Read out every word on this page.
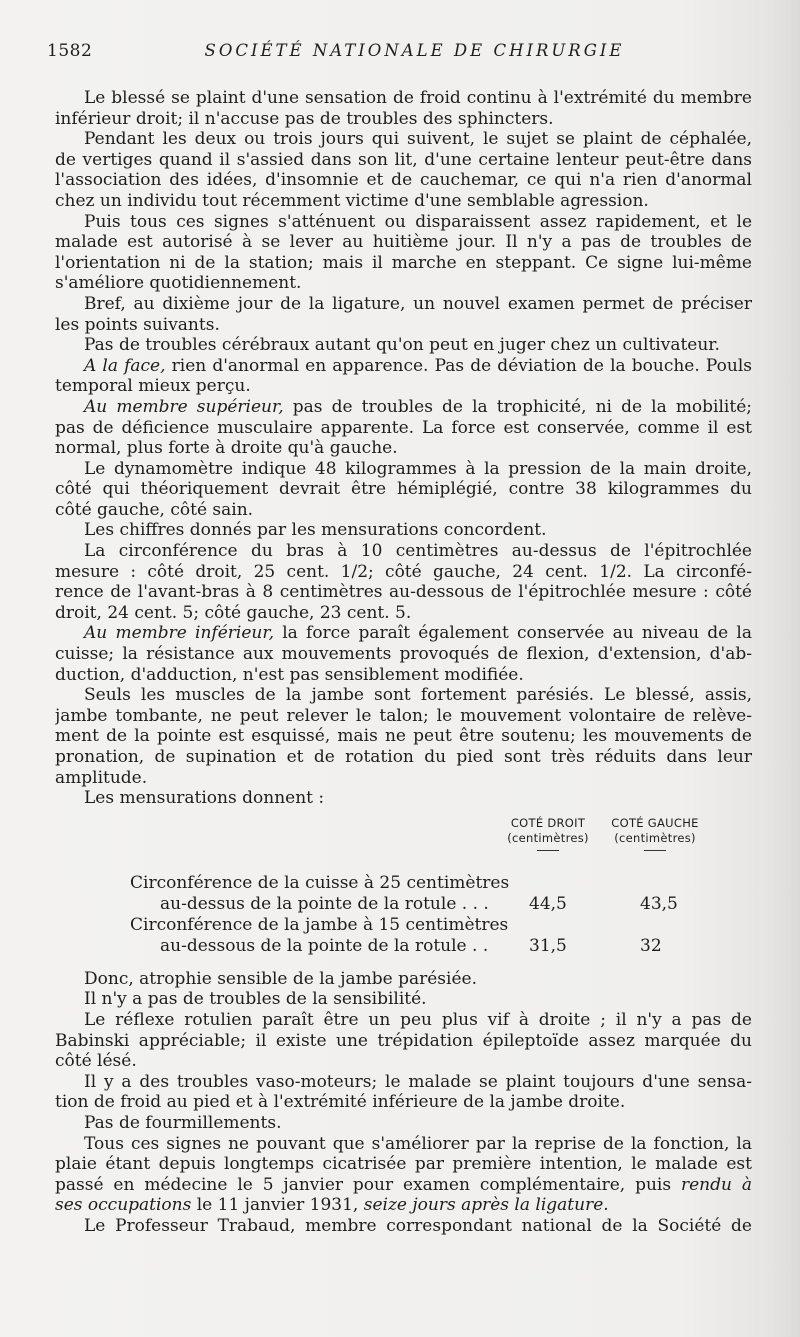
1582	SOCIÉTÉ NATIONALE DE CHIRURGIE
Le blessé se plaint d'une sensation de froid continu à l'extrémité du membre
inférieur droit; il n'accuse pas de troubles des sphincters.
Pendant les deux ou trois jours qui suivent, le sujet se plaint de céphalée,
de vertiges quand il s'assied dans son lit, d'une certaine lenteur peut-être dans
l'association des idées, d'insomnie et de cauchemar, ce qui n'a rien d'anormal
chez un individu tout récemment victime d'une semblable agression.
Puis tous ces signes s'atténuent ou disparaissent assez rapidement, et le
malade est autorisé à se lever au huitième jour. Il n'y a pas de troubles de
l'orientation ni de la station; mais il marche en steppant. Ce signe lui-même
s'améliore quotidiennement.
Bref, au dixième jour de la ligature, un nouvel examen permet de préciser
les points suivants.
Pas de troubles cérébraux autant qu'on peut en juger chez un cultivateur.
A la face, rien d'anormal en apparence. Pas de déviation de la bouche. Pouls
temporal mieux perçu.
Au membre supérieur, pas de troubles de la trophicité, ni de la mobilité;
pas de déficience musculaire apparente. La force est conservée, comme il est
normal, plus forte à droite qu'à gauche.
Le dynamomètre indique 48 kilogrammes à la pression de la main droite,
côté qui théoriquement devrait être hémiplégié, contre 38 kilogrammes du
côté gauche, côté sain.
Les chiffres donnés par les mensurations concordent.
La circonférence du bras à 10 centimètres au-dessus de l'épitrochlée
mesure : côté droit, 25 cent. 1/2; côté gauche, 24 cent. 1/2. La circonfé-
rence de l'avant-bras à 8 centimètres au-dessous de l'épitrochlée mesure : côté
droit, 24 cent. 5; côté gauche, 23 cent. 5.
Au membre inférieur, la force paraît également conservée au niveau de la
cuisse; la résistance aux mouvements provoqués de flexion, d'extension, d'ab-
duction, d'adduction, n'est pas sensiblement modifiée.
Seuls les muscles de la jambe sont fortement parésiés. Le blessé, assis,
jambe tombante, ne peut relever le talon; le mouvement volontaire de relève-
ment de la pointe est esquissé, mais ne peut être soutenu; les mouvements de
pronation, de supination et de rotation du pied sont très réduits dans leur
amplitude.
Les mensurations donnent :
COTÉ DROIT
(centimètres)
COTÉ GAUCHE
(centimètres)
Circonférence de la cuisse à 25 centimètres
au-dessus de la pointe de la rotule . . . 44,5	43,5
Circonférence de la jambe à 15 centimètres
au-dessous de la pointe de la rotule . . 31,5	32
Donc, atrophie sensible de la jambe parésiée.
Il n'y a pas de troubles de la sensibilité.
Le réflexe rotulien paraît être un peu plus vif à droite ; il n'y a pas de
Babinski appréciable; il existe une trépidation épileptoïde assez marquée du
côté lésé.
Il y a des troubles vaso-moteurs; le malade se plaint toujours d'une sensa-
tion de froid au pied et à l'extrémité inférieure de la jambe droite.
Pas de fourmillements.
Tous ces signes ne pouvant que s'améliorer par la reprise de la fonction, la
plaie étant depuis longtemps cicatrisée par première intention, le malade est
passé en médecine le 5 janvier pour examen complémentaire, puis rendu à
ses occupations le 11 janvier 1931, seize jours après la ligature.
Le Professeur Trabaud, membre correspondant national de la Société de
